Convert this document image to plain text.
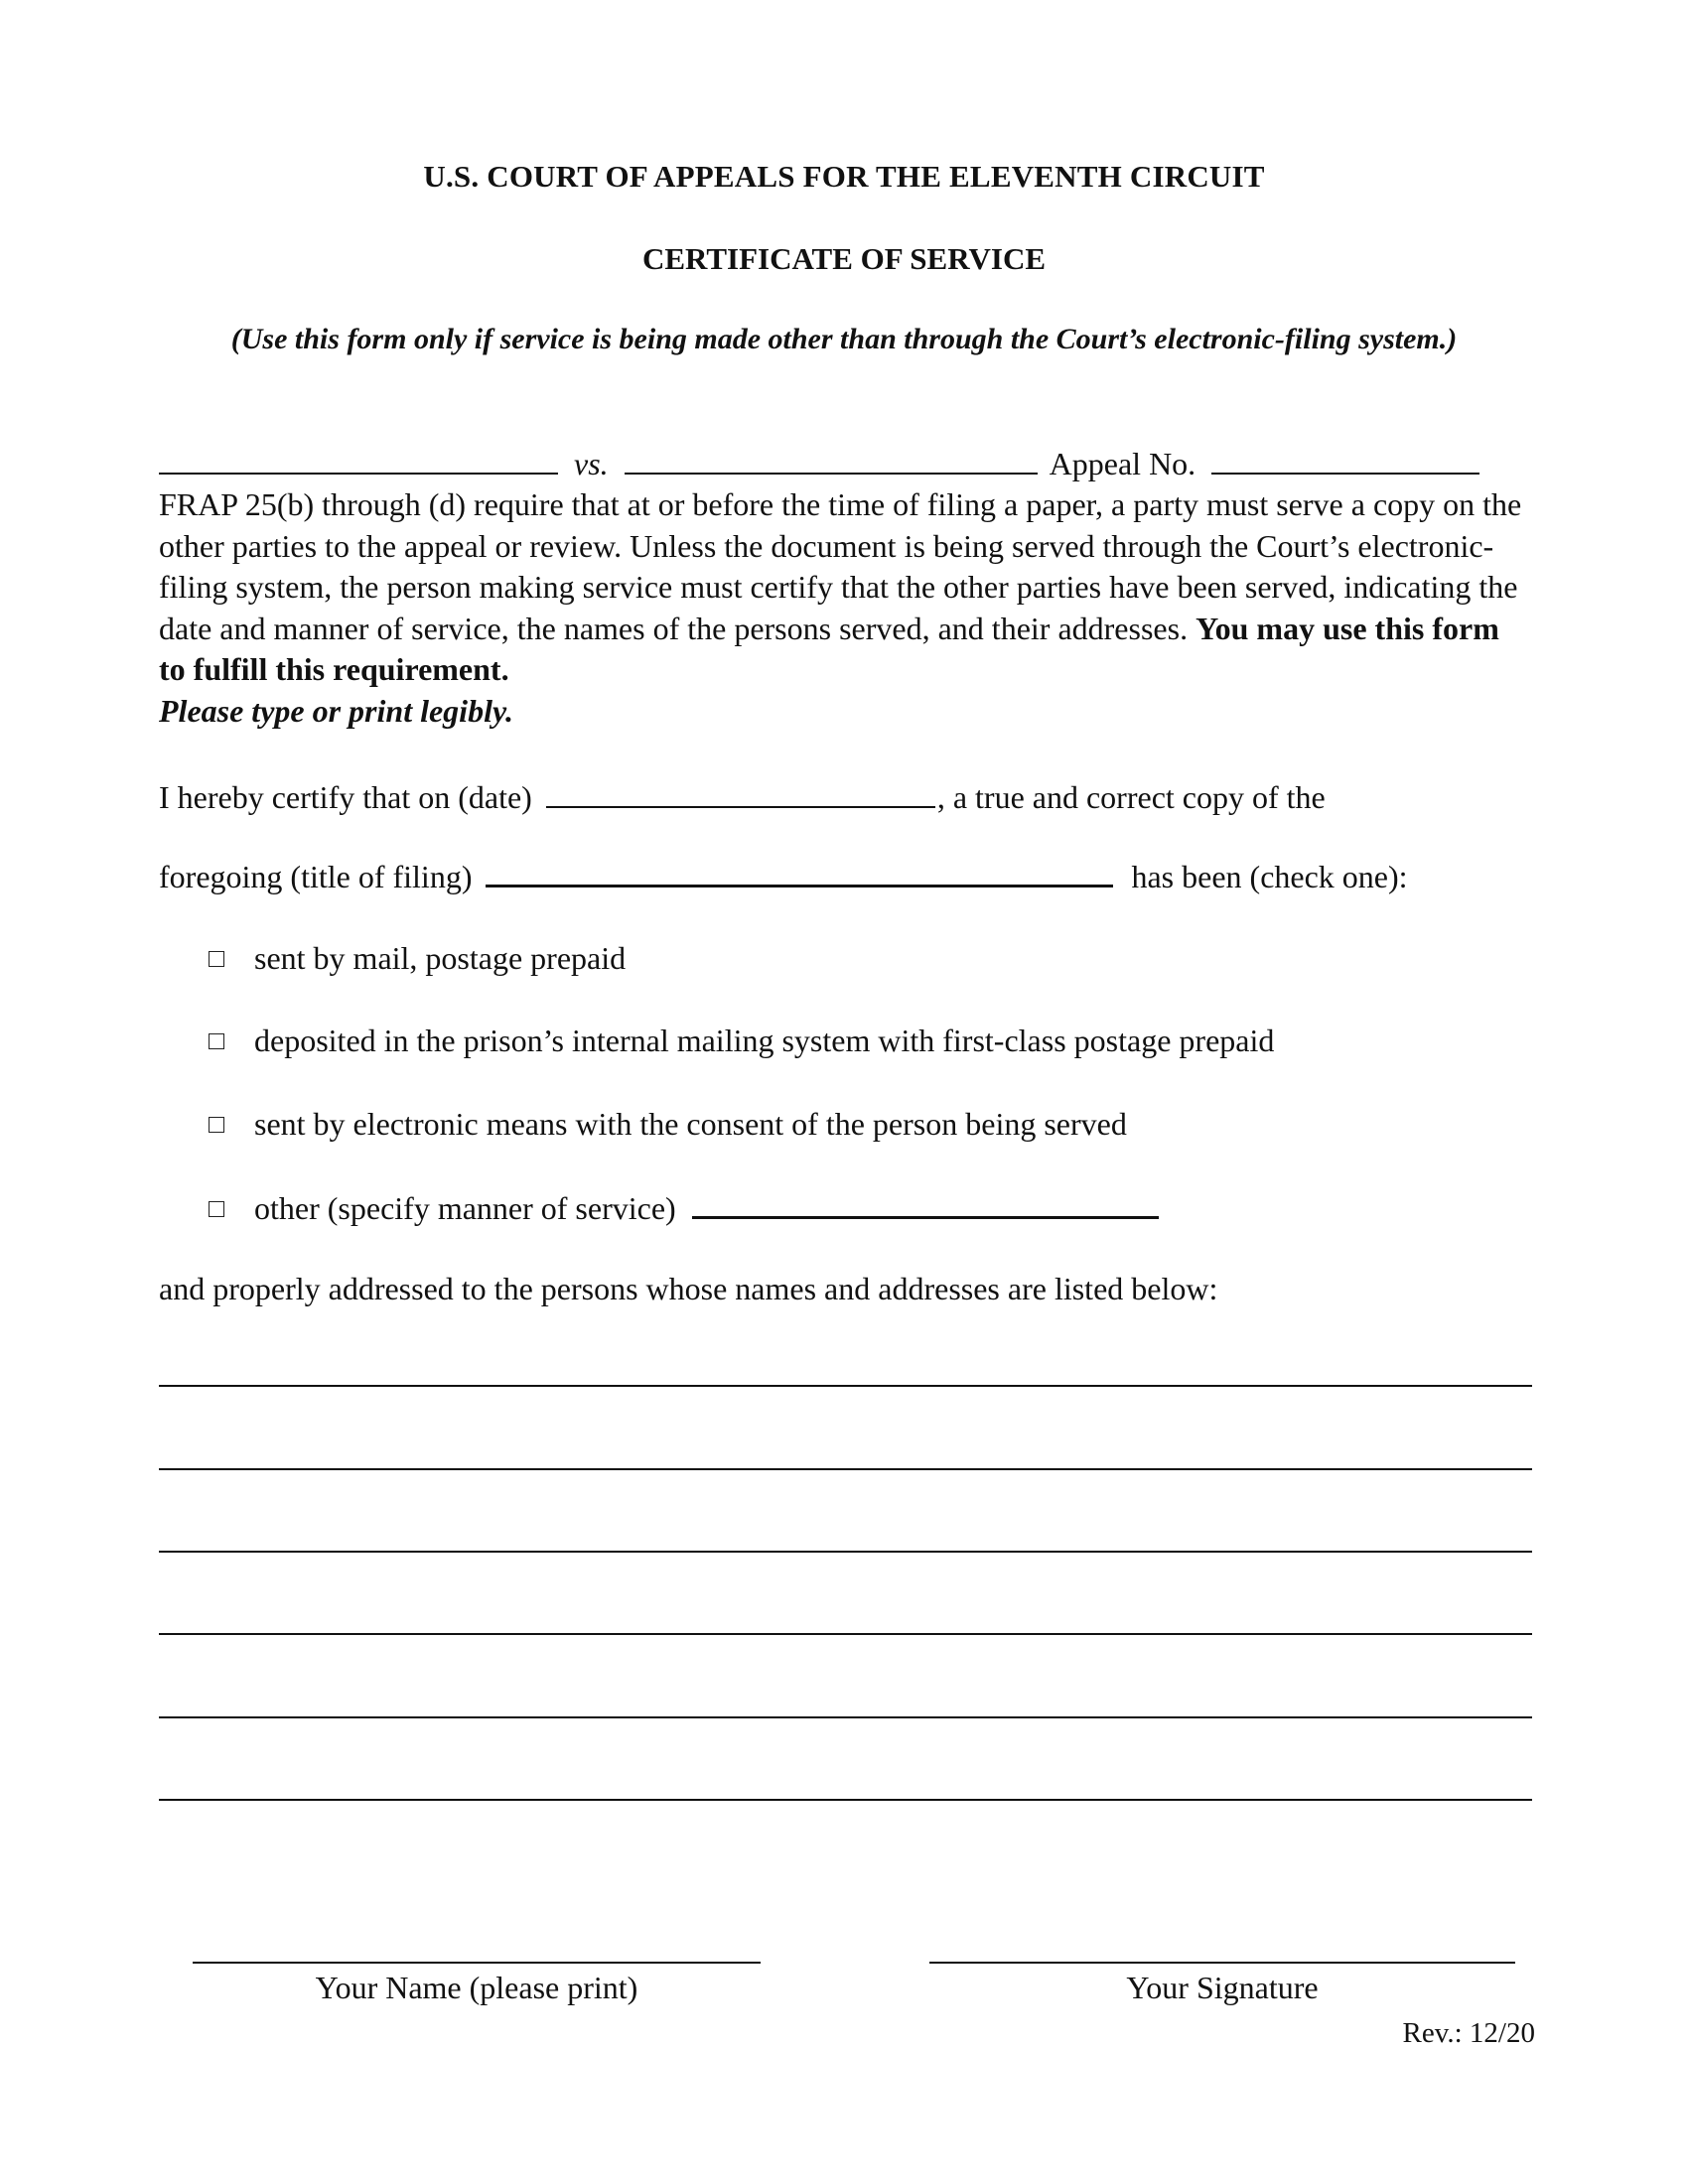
U.S. COURT OF APPEALS FOR THE ELEVENTH CIRCUIT
CERTIFICATE OF SERVICE
(Use this form only if service is being made other than through the Court’s electronic-filing system.)
vs.	Appeal No.
FRAP 25(b) through (d) require that at or before the time of filing a paper, a party must serve a copy on the other parties to the appeal or review. Unless the document is being served through the Court’s electronic-filing system, the person making service must certify that the other parties have been served, indicating the date and manner of service, the names of the persons served, and their addresses. You may use this form to fulfill this requirement.
Please type or print legibly.
I hereby certify that on (date)	, a true and correct copy of the
foregoing (title of filing)	has been (check one):
sent by mail, postage prepaid
deposited in the prison’s internal mailing system with first-class postage prepaid
sent by electronic means with the consent of the person being served
other (specify manner of service)
and properly addressed to the persons whose names and addresses are listed below:
Your Name (please print)	Your Signature
Rev.: 12/20
